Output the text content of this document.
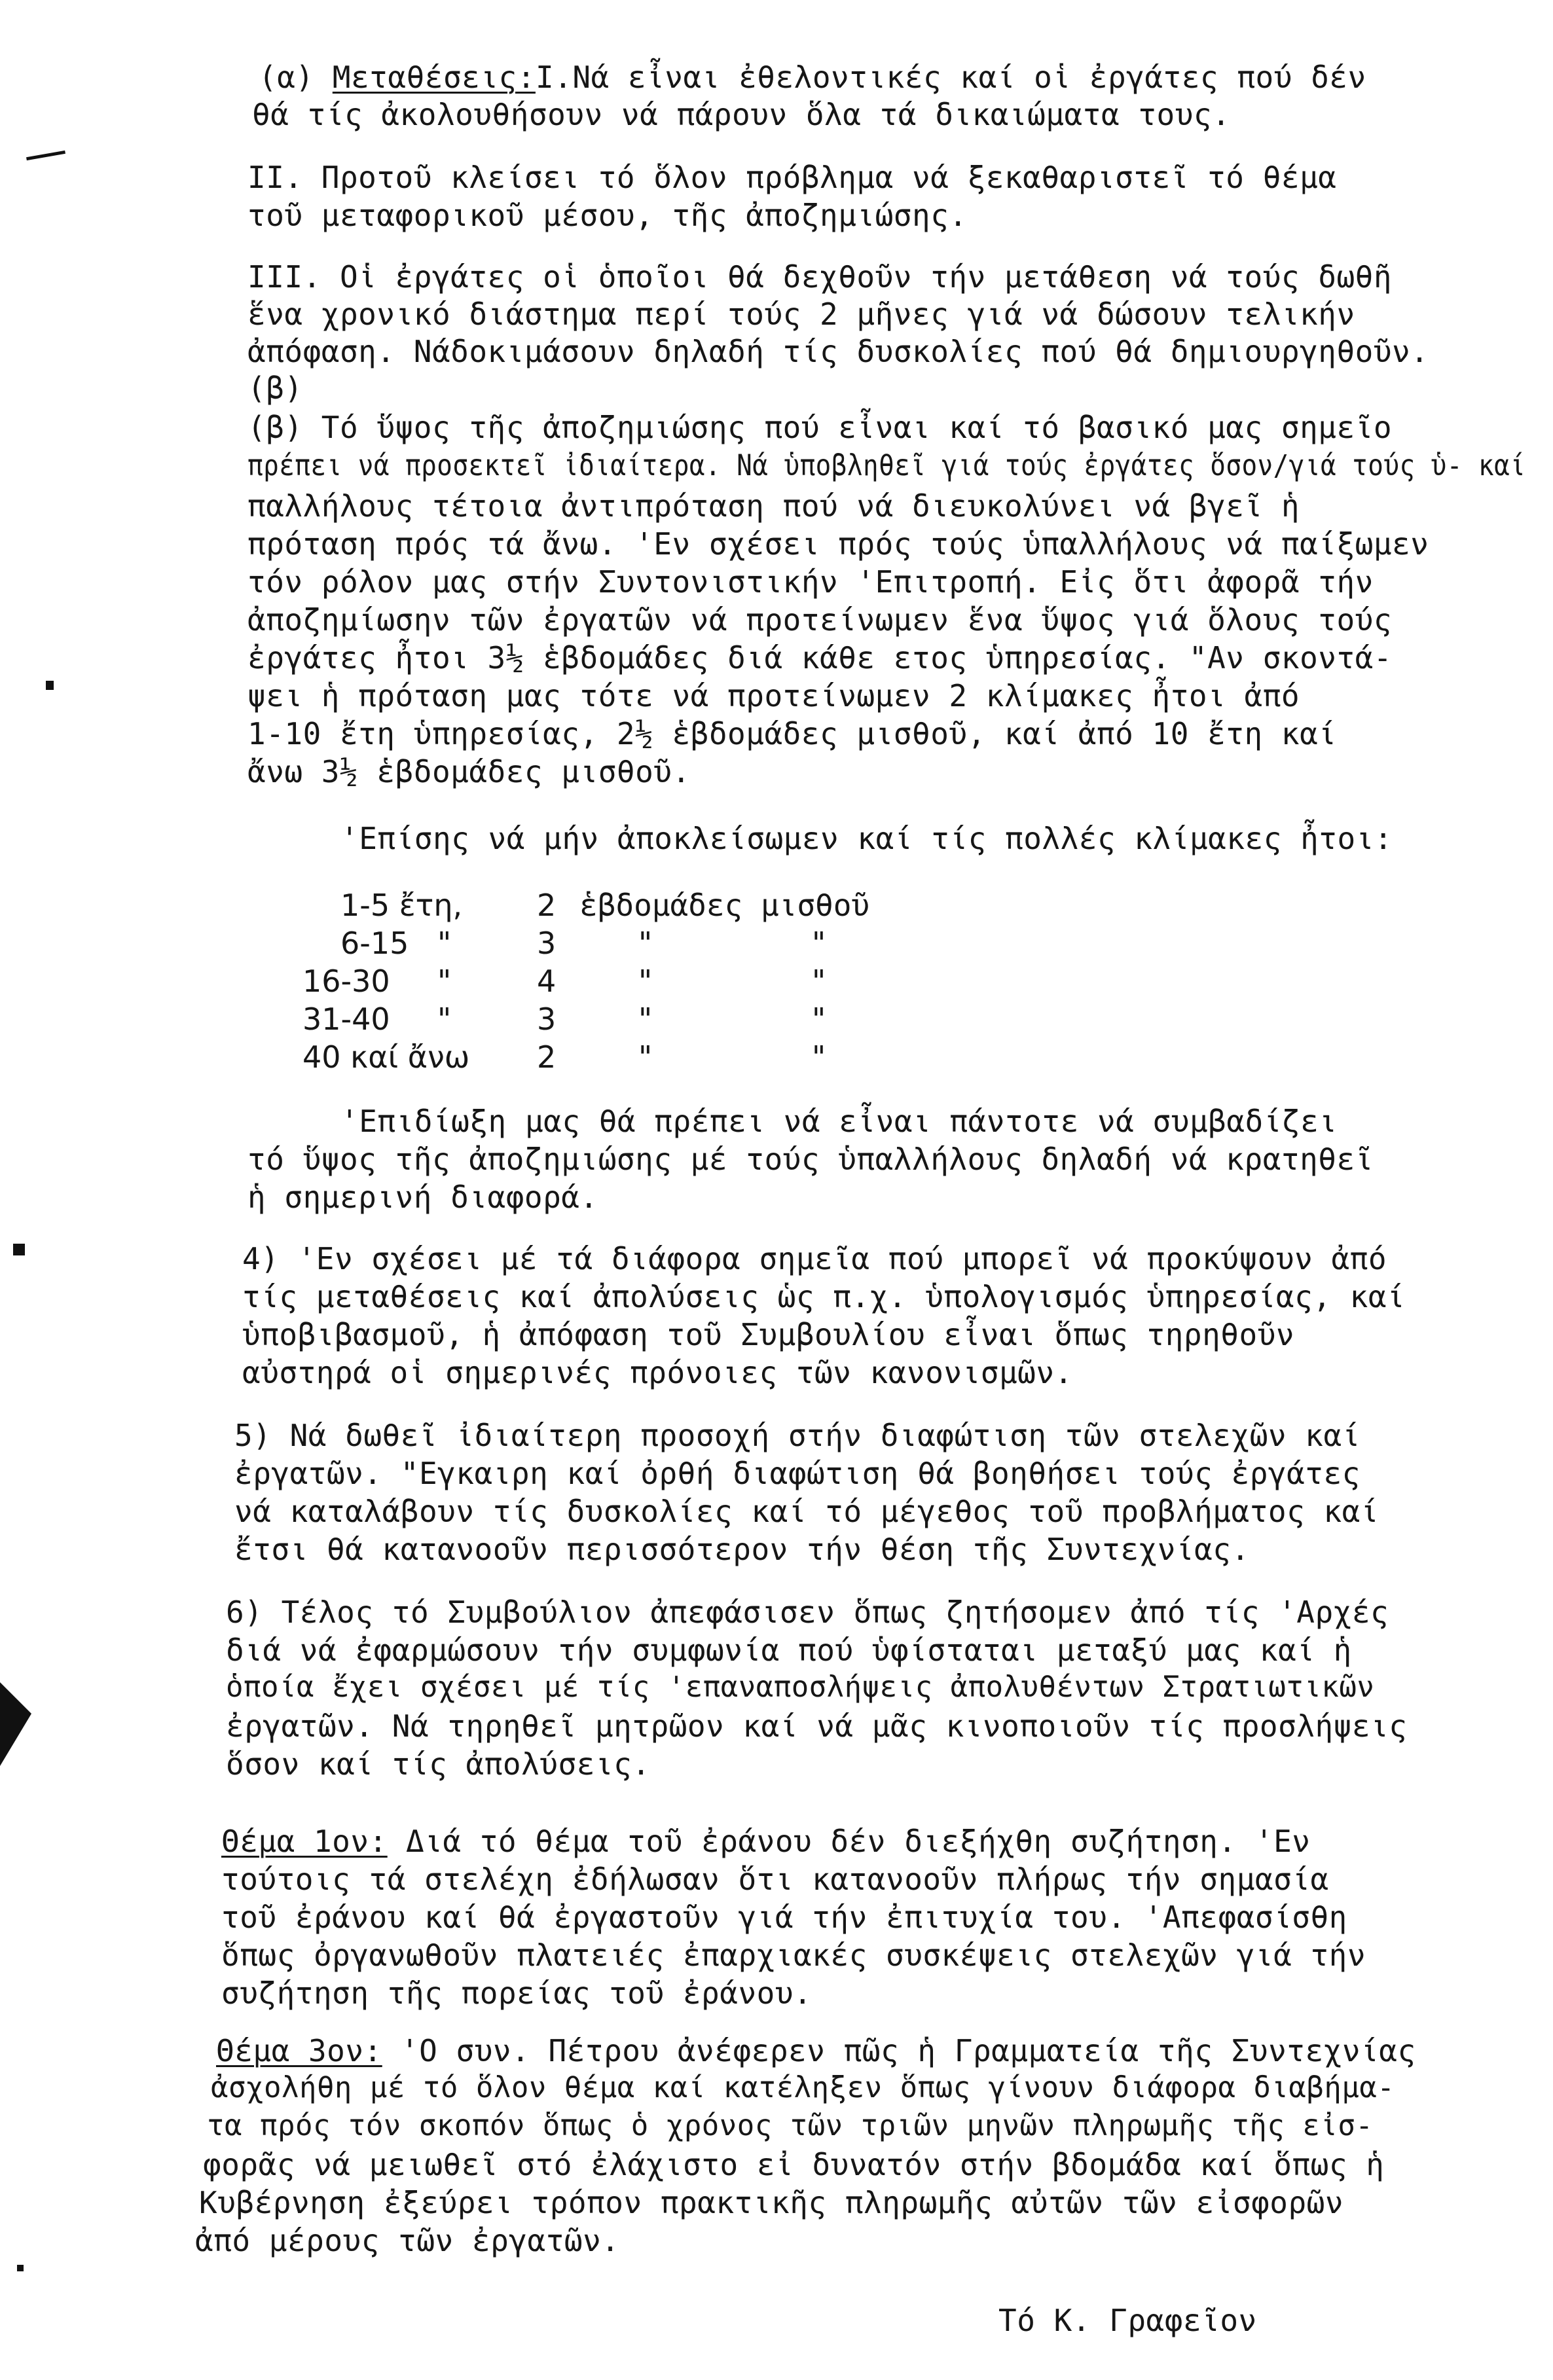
(α) Μεταθέσεις:Ι.Νά εἶναι ἐθελοντικές καί οἱ ἐργάτες πού δέν
θά τίς ἀκολουθήσουν νά πάρουν ὅλα τά δικαιώματα τους.
ΙΙ. Προτοῦ κλείσει τό ὅλον πρόβλημα νά ξεκαθαριστεῖ τό θέμα
τοῦ μεταφορικοῦ μέσου, τῆς ἀποζημιώσης.
ΙΙΙ. Οἱ ἐργάτες οἱ ὁποῖοι θά δεχθοῦν τήν μετάθεση νά τούς δωθῆ
ἕνα χρονικό διάστημα περί τούς 2 μῆνες γιά νά δώσουν τελικήν
ἀπόφαση. Νάδοκιμάσουν δηλαδή τίς δυσκολίες πού θά δημιουργηθοῦν.
(β)
(β) Τό ὕψος τῆς ἀποζημιώσης πού εἶναι καί τό βασικό μας σημεῖο
πρέπει νά προσεκτεῖ ἰδιαίτερα. Νά ὑποβληθεῖ γιά τούς ἐργάτες ὅσον/γιά τούς ὑ- καί
παλλήλους τέτοια ἀντιπρόταση πού νά διευκολύνει νά βγεῖ ἡ
πρόταση πρός τά ἄνω. 'Εν σχέσει πρός τούς ὑπαλλήλους νά παίξωμεν
τόν ρόλον μας στήν Συντονιστικήν 'Επιτροπή. Εἰς ὅτι ἀφορᾶ τήν
ἀποζημίωσην τῶν ἐργατῶν νά προτείνωμεν ἕνα ὕψος γιά ὅλους τούς
ἐργάτες ἦτοι 3½ ἑβδομάδες διά κάθε ετος ὑπηρεσίας. "Αν σκοντά-
ψει ἡ πρόταση μας τότε νά προτείνωμεν 2 κλίμακες ἦτοι ἀπό
1-10 ἔτη ὑπηρεσίας, 2½ ἑβδομάδες μισθοῦ, καί ἀπό 10 ἔτη καί
ἄνω 3½ ἑβδομάδες μισθοῦ.
'Επίσης νά μήν ἀποκλείσωμεν καί τίς πολλές κλίμακες ἦτοι:
1-5 ἔτη, 2 ἑβδομάδες μισθοῦ
6-15 "	3	"	"
16-30 "	4	"	"
31-40 "	3	"	"
40 καί ἄνω 2	"	"
'Επιδίωξη μας θά πρέπει νά εἶναι πάντοτε νά συμβαδίζει
τό ὕψος τῆς ἀποζημιώσης μέ τούς ὑπαλλήλους δηλαδή νά κρατηθεῖ
ἡ σημερινή διαφορά.
4) 'Εν σχέσει μέ τά διάφορα σημεῖα πού μπορεῖ νά προκύψουν ἀπό
τίς μεταθέσεις καί ἀπολύσεις ὡς π.χ. ὑπολογισμός ὑπηρεσίας, καί
ὑποβιβασμοῦ, ἡ ἀπόφαση τοῦ Συμβουλίου εἶναι ὅπως τηρηθοῦν
αὐστηρά οἱ σημερινές πρόνοιες τῶν κανονισμῶν.
5) Νά δωθεῖ ἰδιαίτερη προσοχή στήν διαφώτιση τῶν στελεχῶν καί
ἐργατῶν. "Εγκαιρη καί ὀρθή διαφώτιση θά βοηθήσει τούς ἐργάτες
νά καταλάβουν τίς δυσκολίες καί τό μέγεθος τοῦ προβλήματος καί
ἔτσι θά κατανοοῦν περισσότερον τήν θέση τῆς Συντεχνίας.
6) Τέλος τό Συμβούλιον ἀπεφάσισεν ὅπως ζητήσομεν ἀπό τίς 'Αρχές
διά νά ἐφαρμώσουν τήν συμφωνία πού ὑφίσταται μεταξύ μας καί ἡ
ὁποία ἔχει σχέσει μέ τίς 'επαναποσλήψεις ἀπολυθέντων Στρατιωτικῶν
ἐργατῶν. Νά τηρηθεῖ μητρῶον καί νά μᾶς κινοποιοῦν τίς προσλήψεις
ὅσον καί τίς ἀπολύσεις.
Θέμα 1ον: Διά τό θέμα τοῦ ἐράνου δέν διεξήχθη συζήτηση. 'Εν
τούτοις τά στελέχη ἐδήλωσαν ὅτι κατανοοῦν πλήρως τήν σημασία
τοῦ ἐράνου καί θά ἐργαστοῦν γιά τήν ἐπιτυχία του. 'Απεφασίσθη
ὅπως ὀργανωθοῦν πλατειές ἐπαρχιακές συσκέψεις στελεχῶν γιά τήν
συζήτηση τῆς πορείας τοῦ ἐράνου.
Θέμα 3ον: 'Ο συν. Πέτρου ἀνέφερεν πῶς ἡ Γραμματεία τῆς Συντεχνίας
ἀσχολήθη μέ τό ὅλον θέμα καί κατέληξεν ὅπως γίνουν διάφορα διαβήμα-
τα πρός τόν σκοπόν ὅπως ὁ χρόνος τῶν τριῶν μηνῶν πληρωμῆς τῆς εἰσ-
φορᾶς νά μειωθεῖ στό ἐλάχιστο εἰ δυνατόν στήν βδομάδα καί ὅπως ἡ
Κυβέρνηση ἐξεύρει τρόπον πρακτικῆς πληρωμῆς αὐτῶν τῶν εἰσφορῶν
ἀπό μέρους τῶν ἐργατῶν.
Τό Κ. Γραφεῖον
